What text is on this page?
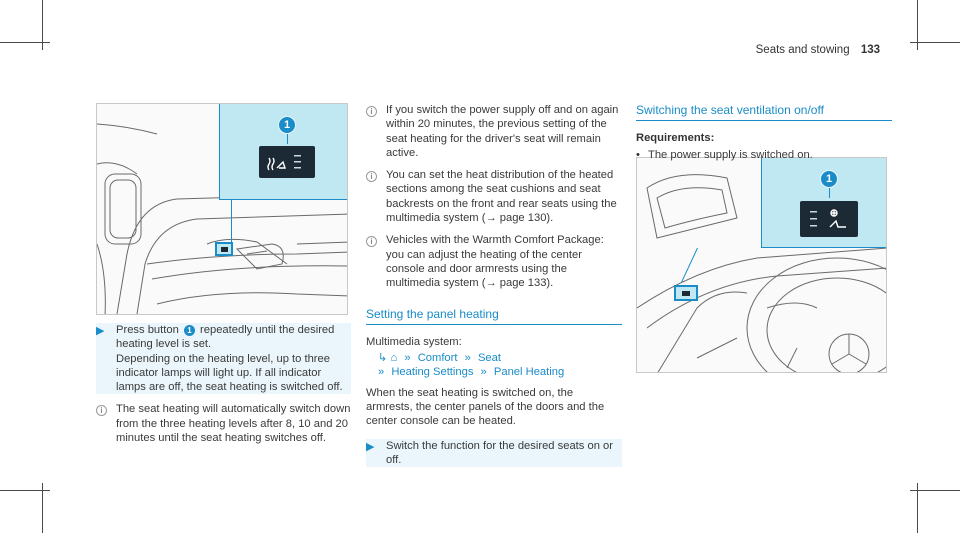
Seats and stowing 133
1
1
▶	Press button 1 repeatedly until the desired heating level is set.
Depending on the heating level, up to three indicator lamps will light up. If all indicator lamps are off, the seat heating is switched off.
i	The seat heating will automatically switch down from the three heating levels after 8, 10 and 20 minutes until the seat heating switches off.
i	If you switch the power supply off and on again within 20 minutes, the previous setting of the seat heating for the driver's seat will remain active.
i	You can set the heat distribution of the heated sections among the seat cushions and seat backrests on the front and rear seats using the multimedia system (→ page 130).
i	Vehicles with the Warmth Comfort Package: you can adjust the heating of the center console and door armrests using the multimedia system (→ page 133).
Setting the panel heating
Multimedia system:
↳ ⌂ » Comfort » Seat
» Heating Settings » Panel Heating
When the seat heating is switched on, the armrests, the center panels of the doors and the center console can be heated.
▶	Switch the function for the desired seats on or off.
Switching the seat ventilation on/off
Requirements:
• The power supply is switched on.
